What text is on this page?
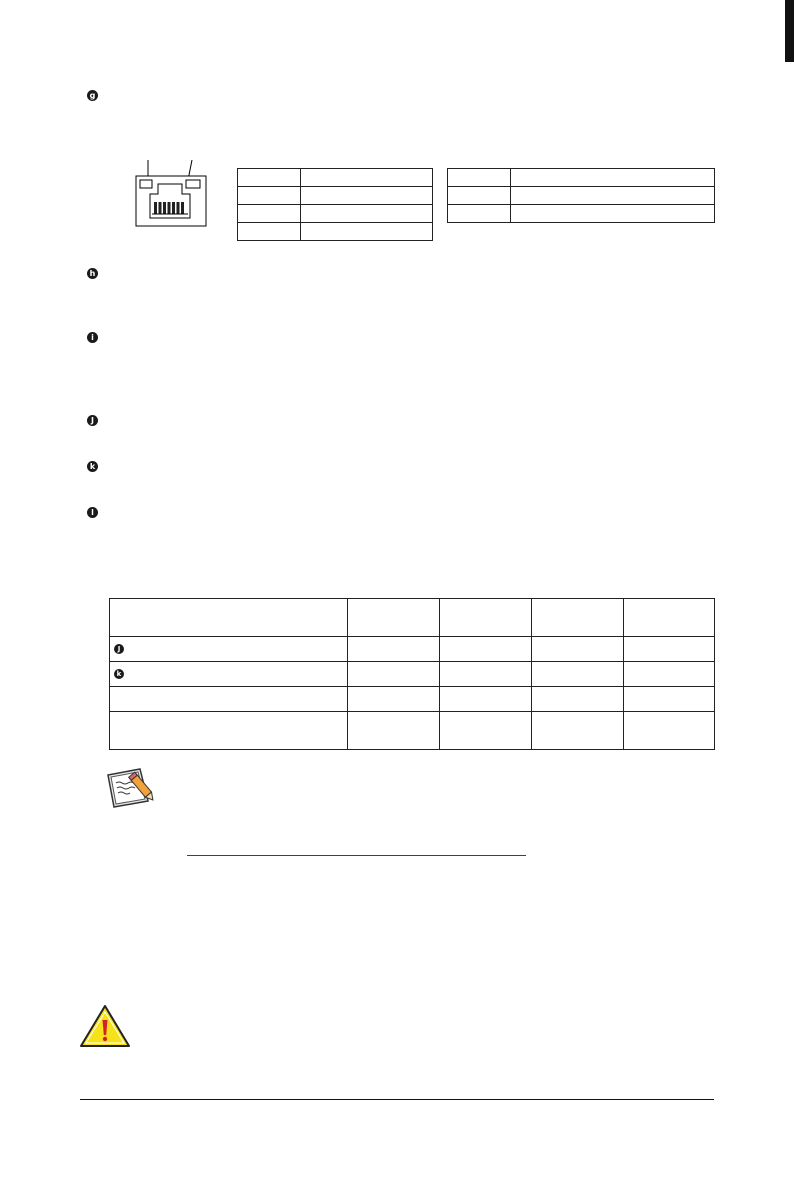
g
h
i
J
k
l

J				
k				
